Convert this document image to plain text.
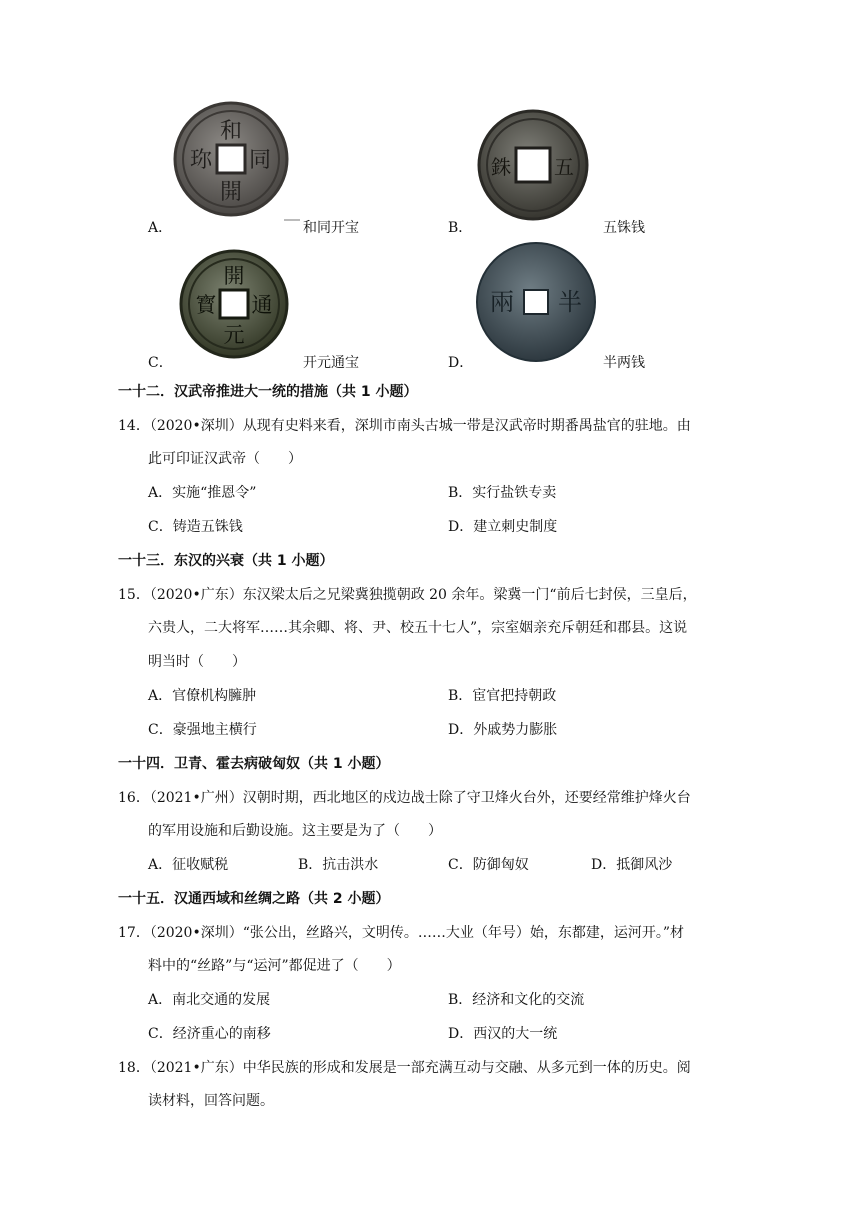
和
同
開
珎	五
銖
開
通
元
寳	半
兩
A．	和同开宝	B．	五铢钱
C．	开元通宝	D．	半两钱
一十二．汉武帝推进大一统的措施（共 1 小题）
14．（2020•深圳）从现有史料来看，深圳市南头古城一带是汉武帝时期番禺盐官的驻地。由
此可印证汉武帝（　　）
A．实施“推恩令”	B．实行盐铁专卖
C．铸造五铢钱	D．建立刺史制度
一十三．东汉的兴衰（共 1 小题）
15．（2020•广东）东汉梁太后之兄梁冀独揽朝政 20 余年。梁冀一门“前后七封侯，三皇后，
六贵人，二大将军……其余卿、将、尹、校五十七人”，宗室姻亲充斥朝廷和郡县。这说
明当时（　　）
A．官僚机构臃肿	B．宦官把持朝政
C．豪强地主横行	D．外戚势力膨胀
一十四．卫青、霍去病破匈奴（共 1 小题）
16．（2021•广州）汉朝时期，西北地区的戍边战士除了守卫烽火台外，还要经常维护烽火台
的军用设施和后勤设施。这主要是为了（　　）
A．征收赋税	B．抗击洪水	C．防御匈奴	D．抵御风沙
一十五．汉通西域和丝绸之路（共 2 小题）
17．（2020•深圳）“张公出，丝路兴，文明传。……大业（年号）始，东都建，运河开。”材
料中的“丝路”与“运河”都促进了（　　）
A．南北交通的发展	B．经济和文化的交流
C．经济重心的南移	D．西汉的大一统
18．（2021•广东）中华民族的形成和发展是一部充满互动与交融、从多元到一体的历史。阅
读材料，回答问题。
